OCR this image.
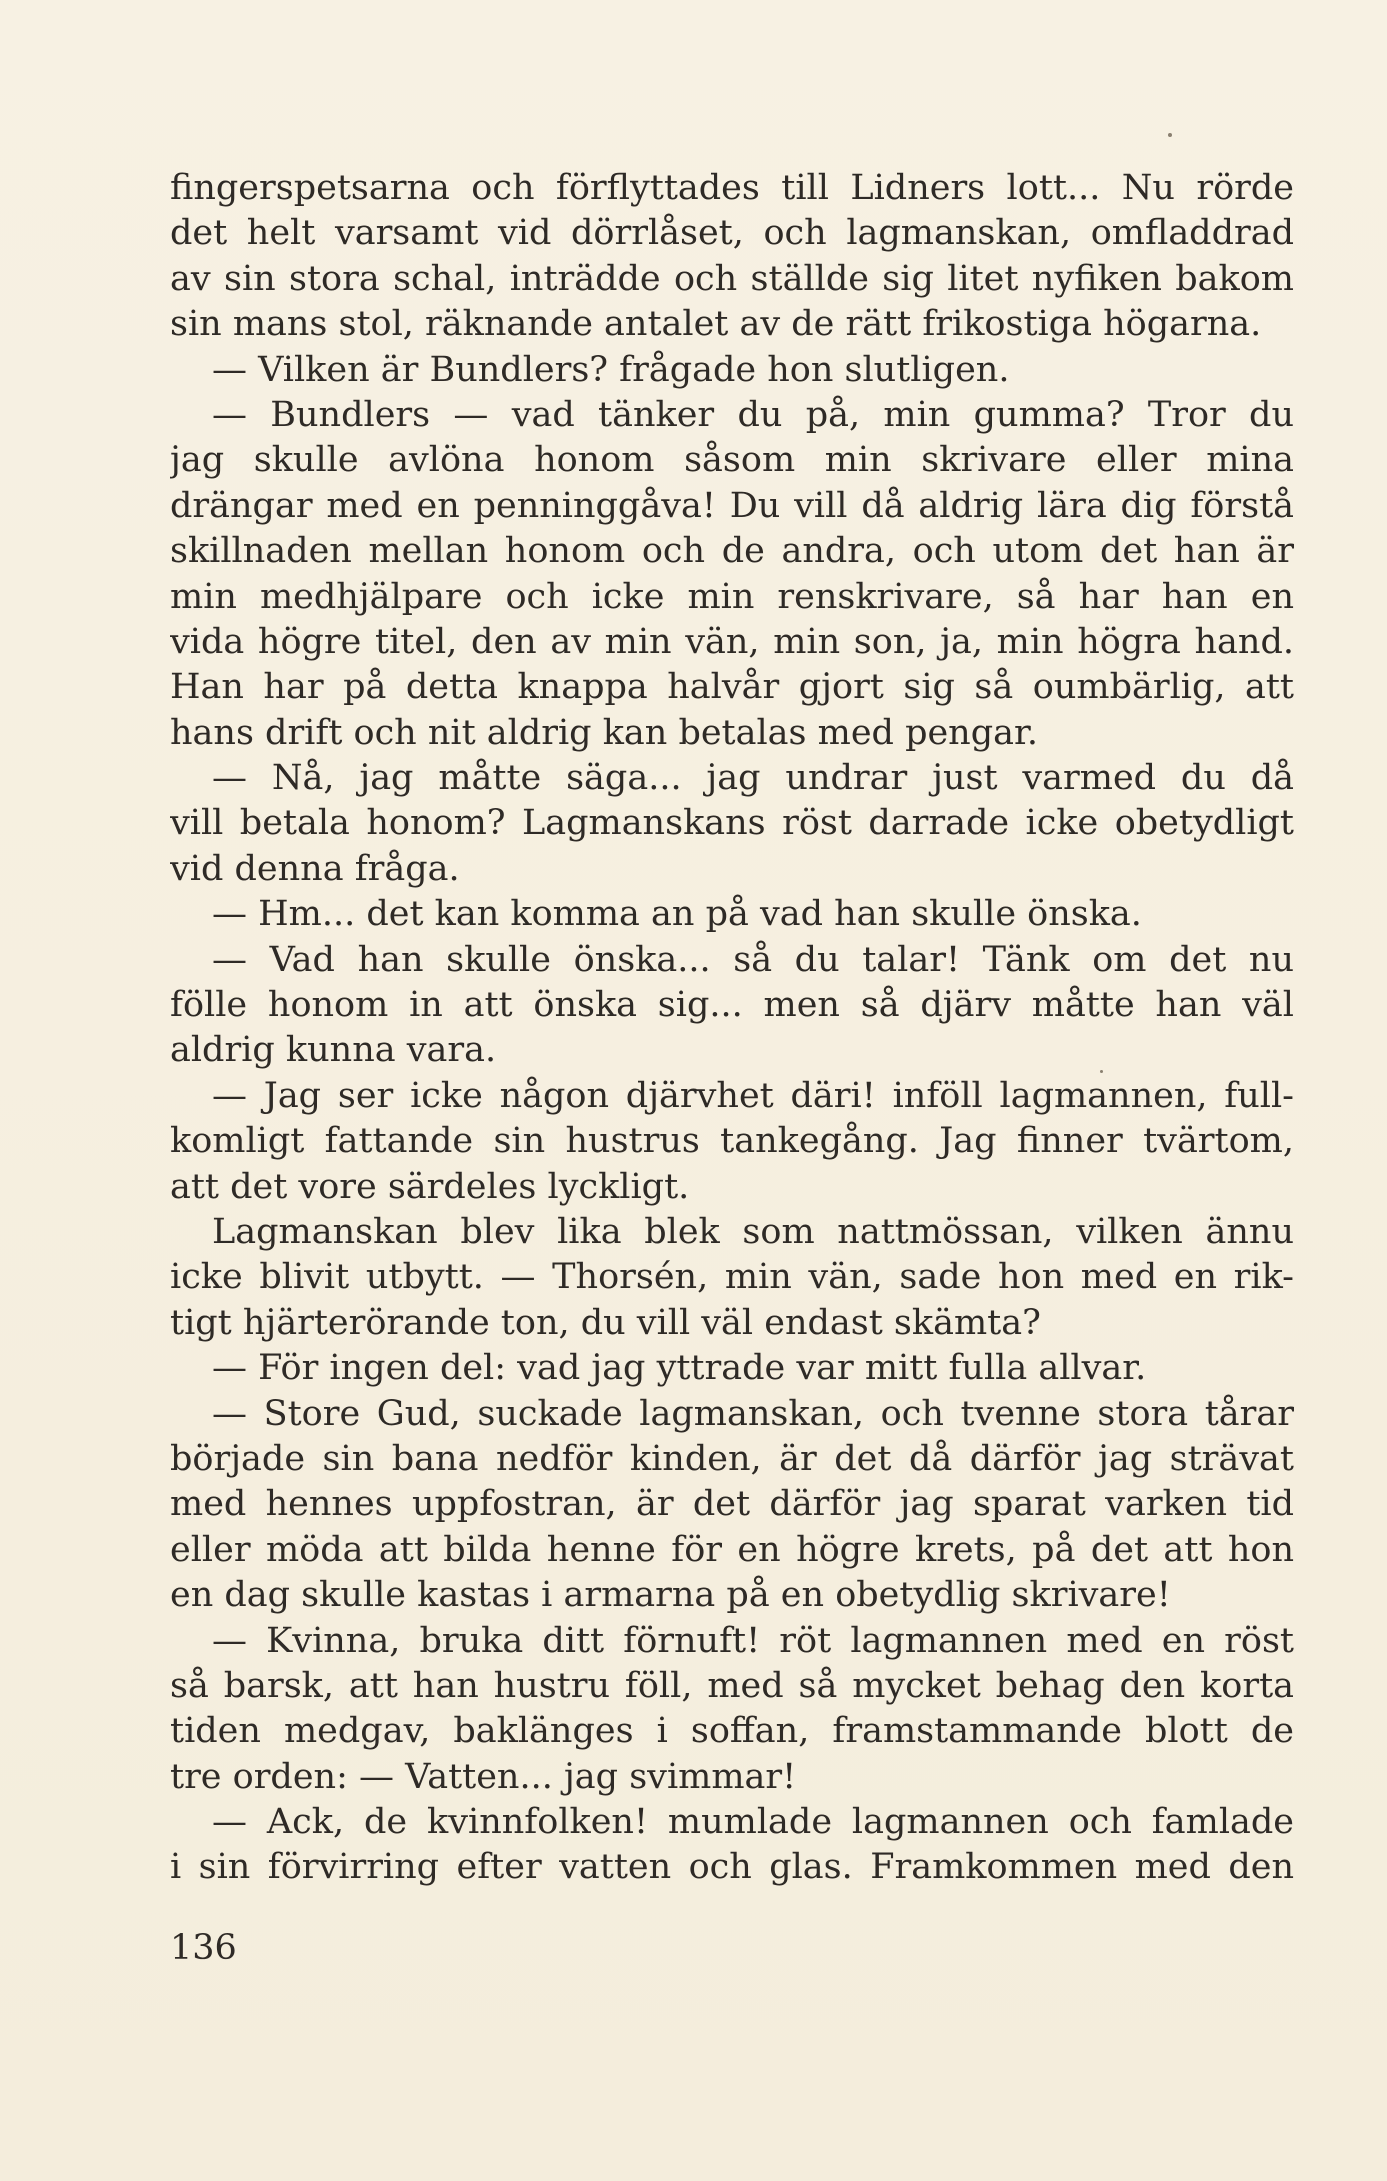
fingerspetsarna och förflyttades till Lidners lott... Nu rörde
det helt varsamt vid dörrlåset, och lagmanskan, omfladdrad
av sin stora schal, inträdde och ställde sig litet nyfiken bakom
sin mans stol, räknande antalet av de rätt frikostiga högarna.
— Vilken är Bundlers? frågade hon slutligen.
— Bundlers — vad tänker du på, min gumma? Tror du
jag skulle avlöna honom såsom min skrivare eller mina
drängar med en penninggåva! Du vill då aldrig lära dig förstå
skillnaden mellan honom och de andra, och utom det han är
min medhjälpare och icke min renskrivare, så har han en
vida högre titel, den av min vän, min son, ja, min högra hand.
Han har på detta knappa halvår gjort sig så oumbärlig, att
hans drift och nit aldrig kan betalas med pengar.
— Nå, jag måtte säga... jag undrar just varmed du då
vill betala honom? Lagmanskans röst darrade icke obetydligt
vid denna fråga.
— Hm... det kan komma an på vad han skulle önska.
— Vad han skulle önska... så du talar! Tänk om det nu
fölle honom in att önska sig... men så djärv måtte han väl
aldrig kunna vara.
— Jag ser icke någon djärvhet däri! inföll lagmannen, full-
komligt fattande sin hustrus tankegång. Jag finner tvärtom,
att det vore särdeles lyckligt.
Lagmanskan blev lika blek som nattmössan, vilken ännu
icke blivit utbytt. — Thorsén, min vän, sade hon med en rik-
tigt hjärterörande ton, du vill väl endast skämta?
— För ingen del: vad jag yttrade var mitt fulla allvar.
— Store Gud, suckade lagmanskan, och tvenne stora tårar
började sin bana nedför kinden, är det då därför jag strävat
med hennes uppfostran, är det därför jag sparat varken tid
eller möda att bilda henne för en högre krets, på det att hon
en dag skulle kastas i armarna på en obetydlig skrivare!
— Kvinna, bruka ditt förnuft! röt lagmannen med en röst
så barsk, att han hustru föll, med så mycket behag den korta
tiden medgav, baklänges i soffan, framstammande blott de
tre orden: — Vatten... jag svimmar!
— Ack, de kvinnfolken! mumlade lagmannen och famlade
i sin förvirring efter vatten och glas. Framkommen med den
136
